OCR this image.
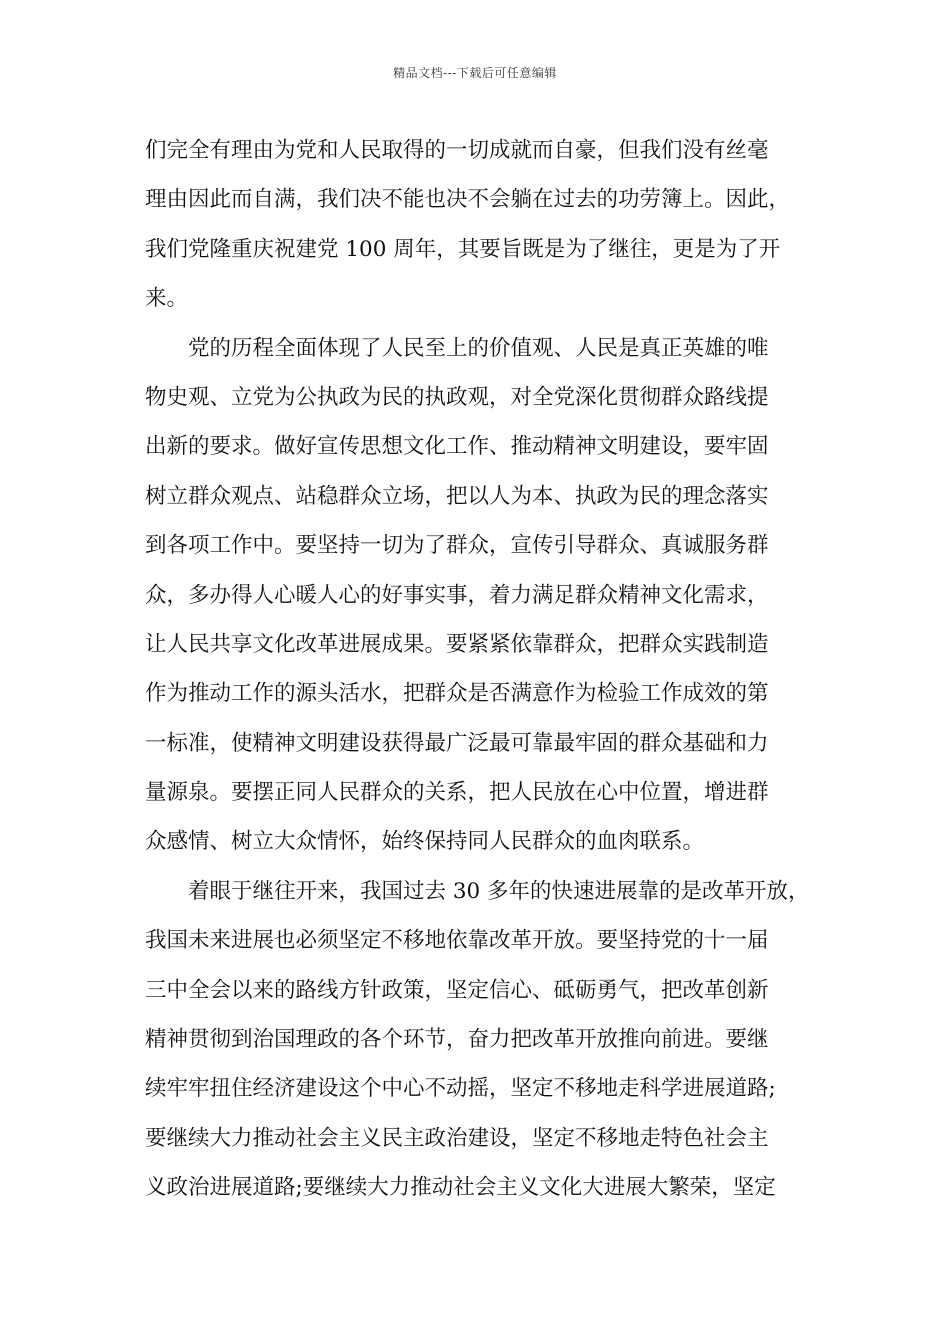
精品文档---下载后可任意编辑
们完全有理由为党和人民取得的一切成就而自豪，但我们没有丝毫
理由因此而自满，我们决不能也决不会躺在过去的功劳簿上。因此，
我们党隆重庆祝建党 100 周年，其要旨既是为了继往，更是为了开
来。
　　党的历程全面体现了人民至上的价值观、人民是真正英雄的唯
物史观、立党为公执政为民的执政观，对全党深化贯彻群众路线提
出新的要求。做好宣传思想文化工作、推动精神文明建设，要牢固
树立群众观点、站稳群众立场，把以人为本、执政为民的理念落实
到各项工作中。要坚持一切为了群众，宣传引导群众、真诚服务群
众，多办得人心暖人心的好事实事，着力满足群众精神文化需求，
让人民共享文化改革进展成果。要紧紧依靠群众，把群众实践制造
作为推动工作的源头活水，把群众是否满意作为检验工作成效的第
一标准，使精神文明建设获得最广泛最可靠最牢固的群众基础和力
量源泉。要摆正同人民群众的关系，把人民放在心中位置，增进群
众感情、树立大众情怀，始终保持同人民群众的血肉联系。
　　着眼于继往开来，我国过去 30 多年的快速进展靠的是改革开放，
我国未来进展也必须坚定不移地依靠改革开放。要坚持党的十一届
三中全会以来的路线方针政策，坚定信心、砥砺勇气，把改革创新
精神贯彻到治国理政的各个环节，奋力把改革开放推向前进。要继
续牢牢扭住经济建设这个中心不动摇，坚定不移地走科学进展道路;
要继续大力推动社会主义民主政治建设，坚定不移地走特色社会主
义政治进展道路;要继续大力推动社会主义文化大进展大繁荣，坚定
